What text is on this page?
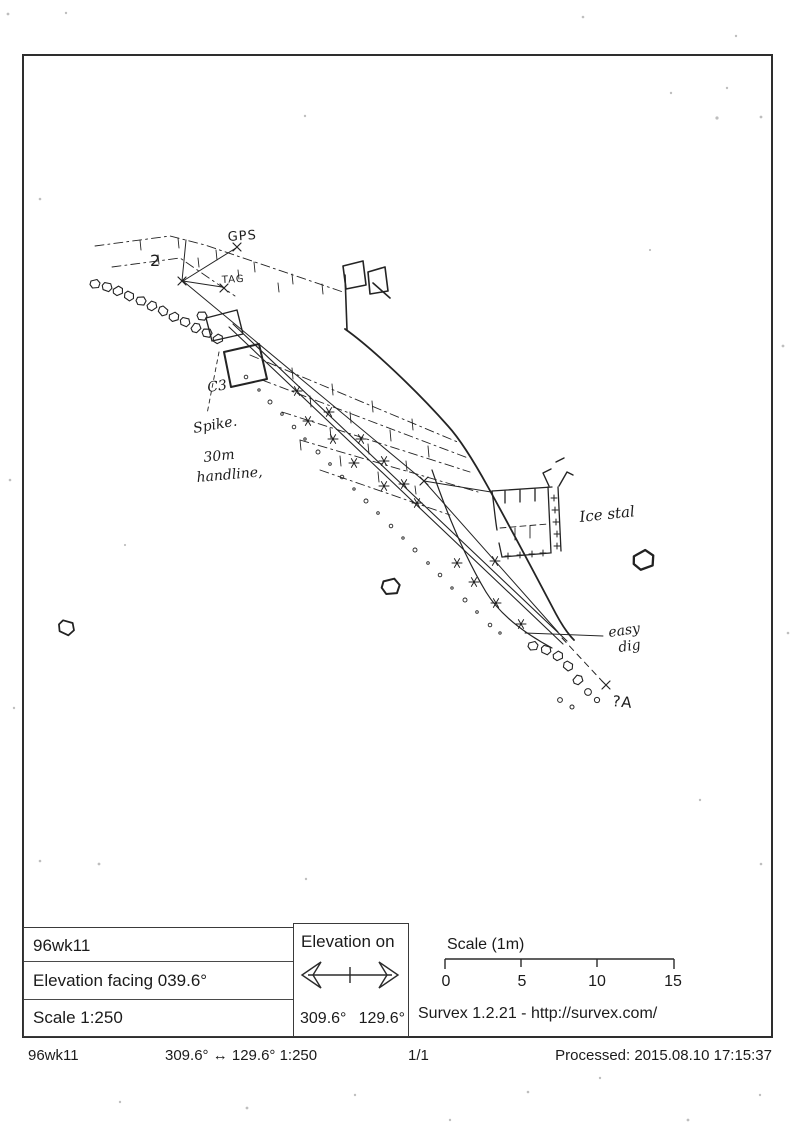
GPS
TAG
2
C3
Spike.
30m
handline,
Ice stal
easy
dig
?A
96wk11
Elevation facing 039.6°
Scale 1:250
Elevation on
309.6° 129.6°
Scale (1m)
0	5	10	15
Survex 1.2.21 - http://survex.com/
96wk11	309.6° ↔ 129.6° 1:250	1/1	Processed: 2015.08.10 17:15:37
